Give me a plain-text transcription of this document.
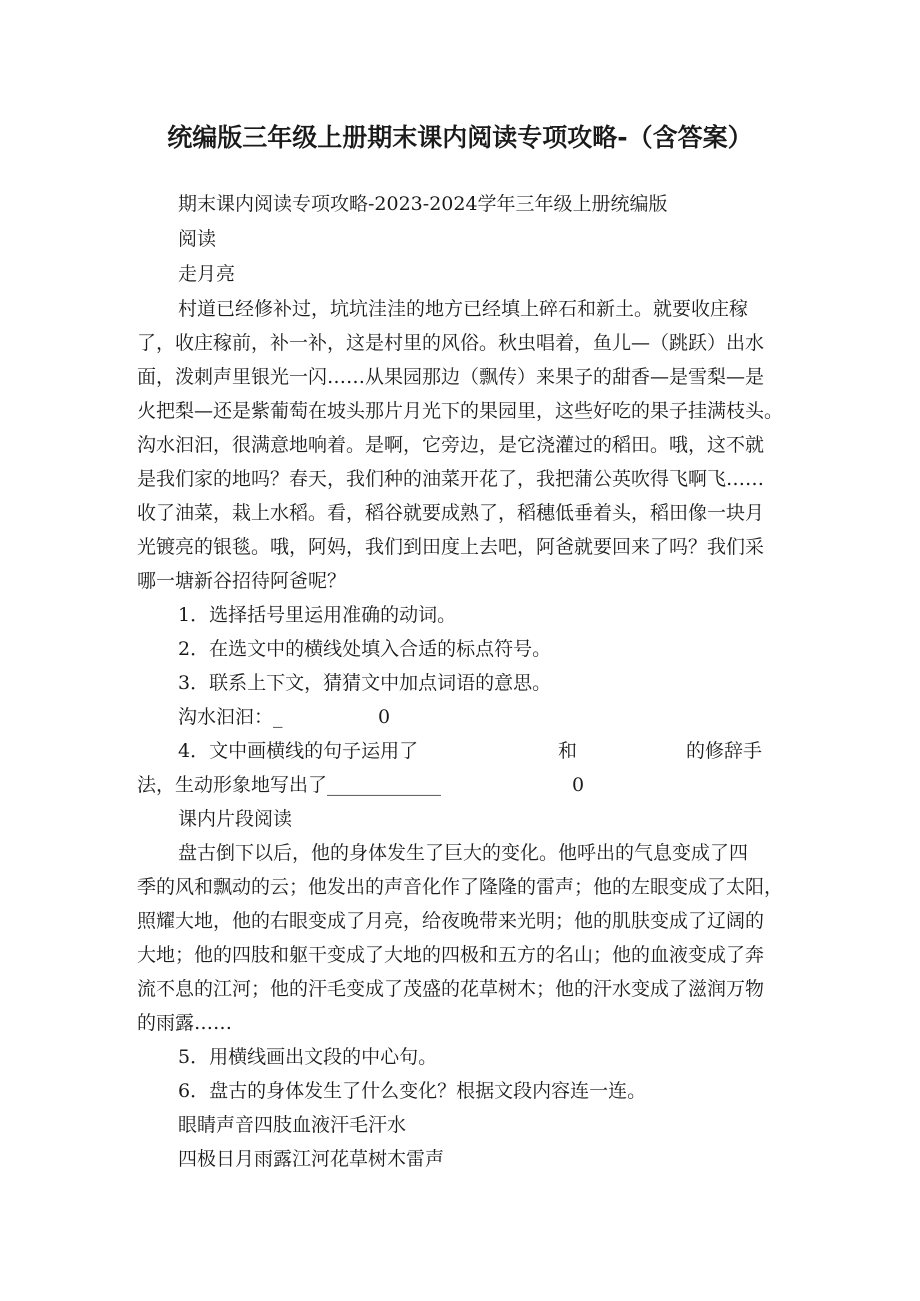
统编版三年级上册期末课内阅读专项攻略-（含答案）
期末课内阅读专项攻略-2023-2024学年三年级上册统编版
阅读
走月亮
村道已经修补过，坑坑洼洼的地方已经填上碎石和新土。就要收庄稼
了，收庄稼前，补一补，这是村里的风俗。秋虫唱着，鱼儿—（跳跃）出水
面，泼刺声里银光一闪……从果园那边（飘传）来果子的甜香—是雪梨—是
火把梨—还是紫葡萄在坡头那片月光下的果园里，这些好吃的果子挂满枝头。
沟水汩汩，很满意地响着。是啊，它旁边，是它浇灌过的稻田。哦，这不就
是我们家的地吗？春天，我们种的油菜开花了，我把蒲公英吹得飞啊飞……
收了油菜，栽上水稻。看，稻谷就要成熟了，稻穗低垂着头，稻田像一块月
光镀亮的银毯。哦，阿妈，我们到田度上去吧，阿爸就要回来了吗？我们采
哪一塘新谷招待阿爸呢？
1．选择括号里运用准确的动词。
2．在选文中的横线处填入合适的标点符号。
3．联系上下文，猜猜文中加点词语的意思。
沟水汩汩：_	0
4．文中画横线的句子运用了	和	的修辞手
法，生动形象地写出了____________	0
课内片段阅读
盘古倒下以后，他的身体发生了巨大的变化。他呼出的气息变成了四
季的风和飘动的云；他发出的声音化作了隆隆的雷声；他的左眼变成了太阳，
照耀大地，他的右眼变成了月亮，给夜晚带来光明；他的肌肤变成了辽阔的
大地；他的四肢和躯干变成了大地的四极和五方的名山；他的血液变成了奔
流不息的江河；他的汗毛变成了茂盛的花草树木；他的汗水变成了滋润万物
的雨露……
5．用横线画出文段的中心句。
6．盘古的身体发生了什么变化？根据文段内容连一连。
眼睛声音四肢血液汗毛汗水
四极日月雨露江河花草树木雷声
